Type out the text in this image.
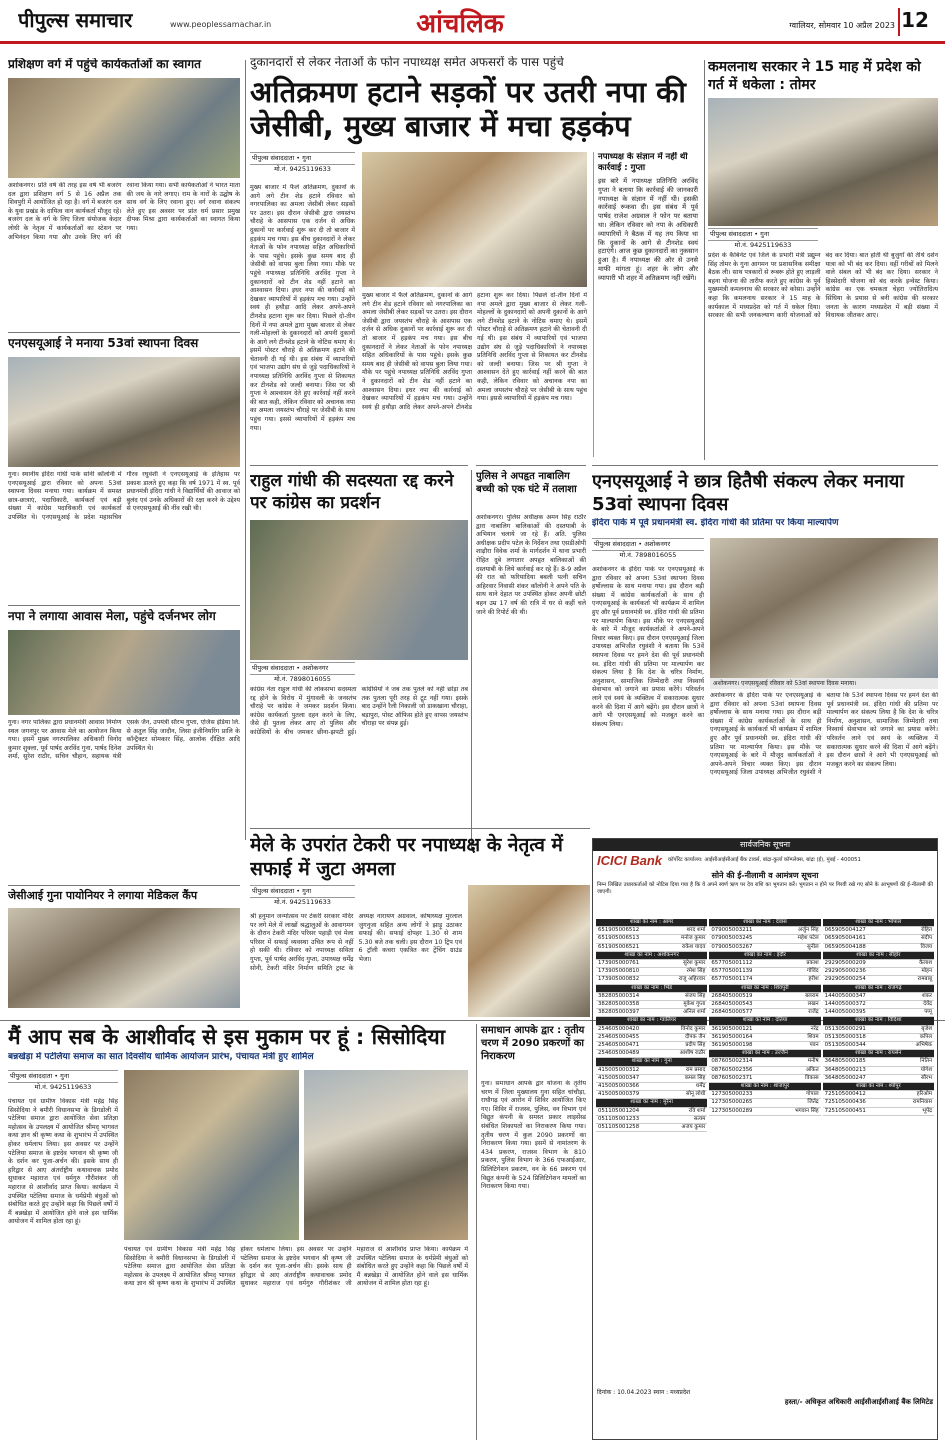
पीपुल्स समाचार	www.peoplessamachar.in	आंचलिक	ग्वालियर, सोमवार 10 अप्रैल 2023 12
प्रशिक्षण वर्ग में पहुंचे कार्यकर्ताओं का स्वागत
अशोकनगर। प्रति वर्ष की तरह इस वर्ष भी बजरंग दल द्वारा प्रशिक्षण वर्ग 5 से 16 अप्रैल तक शिवपुरी में आयोजित हो रहा है। वर्ग में बजरंग दल के युवा प्रखंड के दायित्व वान कार्यकर्ता मौजूद रहे। बजरंग दल के वर्ग के लिए जिला संयोजक केदार लोधी के नेतृत्व में कार्यकर्ताओं का स्टेशन पर अभिनंदन किया गया और उनके लिए वर्ग की रवाना किया गया। सभी कार्यकर्ताओं ने भारत माता की जय के नारे लगाए। राम के नारों के उद्घोष के साथ वर्ग के लिए रवाना हुए। वर्ग रवाना संकल्प लेते हुए इस अवसर पर प्रांत धर्म प्रसार प्रमुख दीपक मिश्रा द्वारा कार्यकर्ताओं का स्वागत किया गया।
एनएसयूआई ने मनाया 53वां स्थापना दिवस
गुना। स्थानीय इंदिरा गांधी पार्क सोनी कॉलोनी में एनएसयूआई द्वारा रविवार को अपना 53वां स्थापना दिवस मनाया गया। कार्यक्रम में समस्त छात्र-छात्राएं, पदाधिकारी, कार्यकर्ता एवं बड़ी संख्या में कांग्रेस पदाधिकारी एवं कार्यकर्ता उपस्थित थे। एनएसयूआई के प्रदेश महासचिव गौरव रघुवंशी ने एनएसयूआई के इतिहास पर प्रकाश डालते हुए कहा कि वर्ष 1971 में स्व. पूर्व प्रधानमंत्री इंदिरा गांधी ने विद्यार्थियों की आवाज को बुलंद एवं उनके अधिकारों की रक्षा करने के उद्देश्य से एनएसयूआई की नींव रखी थी।
नपा ने लगाया आवास मेला, पहुंचे दर्जनभर लोग
गुना। नगर पालिका द्वारा प्रधानमंत्री आवास निर्माण स्थल जगनपुर पर आवास मेले का आयोजन किया गया। इसमें मुख्य नगरपालिका अधिकारी विनोद कुमार शुक्ला, पूर्व पार्षद अरविंद गुना, पार्षद दिनेश शर्मा, सुरेश राठौर, सचिन चौहान, सहायक यंत्री एसके जैन, उपयंत्री सौरभ गुप्ता, एजिस इंडिया लि. से अतुल सिंह जादौन, लिसा इंजीनियरिंग प्रालि के कॉन्ट्रैक्टर सोमकार सिंह, आलोक दीक्षित आदि उपस्थित थे।
जेसीआई गुना पायोनियर ने लगाया मेडिकल कैंप
दुकानदारों से लेकर नेताओं के फोन नपाध्यक्ष समेत अफसरों के पास पहुंचे
अतिक्रमण हटाने सड़कों पर उतरी नपा की जेसीबी, मुख्य बाजार में मचा हड़कंप
पीपुल्स संवाददाता • गुना
मो.नं. 9425119633
मुख्य बाजार में फैले अतिक्रमण, दुकानों के आगे लगे टीन शेड हटाने रविवार को नगरपालिका का अमला जेसीबी लेकर सड़कों पर उतरा। इस दौरान जेसीबी द्वारा जयस्तंभ चौराहे के आसपास एक दर्जन से अधिक दुकानों पर कार्रवाई शुरू कर दी तो बाजार में हड़कंप मच गया। इस बीच दुकानदारों ने लेकर नेताओं के फोन नपाध्यक्ष सहित अधिकारियों के पास पहुंचे। इसके कुछ समय बाद ही जेसीबी को वापस बुला लिया गया। मौके पर पहुंचे नपाध्यक्ष प्रतिनिधि अरविंद गुप्ता ने दुकानदारों को टीन शेड नहीं हटाने का आश्वासन दिया। इधर नपा की कार्रवाई को देखकर व्यापारियों में हड़कंप मच गया। उन्होंने स्वयं ही हथौड़ा आदि लेकर अपने-अपने टीनशेड हटाना शुरू कर दिया। पिछले दो-तीन दिनों में नपा अमले द्वारा मुख्य बाजार से लेकर गली-मोहल्लों के दुकानदारों को अपनी दुकानों के आगे लगे टीनशेड हटाने के नोटिस थमाए थे। इसमें पोस्टर चौराहे से अतिक्रमण हटाने की चेतावनी दी गई थी। इस संबंध में व्यापारियों एवं भाजपा उद्योग संघ से जुड़े पदाधिकारियों ने नपाध्यक्ष प्रतिनिधि अरविंद गुप्ता से शिकायत कर टीनशेड को जल्दी बनाया। जिस पर श्री गुप्ता ने आश्वासन देते हुए कार्रवाई नहीं करने की बात कही, लेकिन रविवार को अचानक नपा का अमला जयस्तंभ चौराहे पर जेसीबी के साथ पहुंच गया। इससे व्यापारियों में हड़कंप मच गया।
मुख्य बाजार में फैले अतिक्रमण, दुकानों के आगे लगे टीन शेड हटाने रविवार को नगरपालिका का अमला जेसीबी लेकर सड़कों पर उतरा। इस दौरान जेसीबी द्वारा जयस्तंभ चौराहे के आसपास एक दर्जन से अधिक दुकानों पर कार्रवाई शुरू कर दी तो बाजार में हड़कंप मच गया। इस बीच दुकानदारों ने लेकर नेताओं के फोन नपाध्यक्ष सहित अधिकारियों के पास पहुंचे। इसके कुछ समय बाद ही जेसीबी को वापस बुला लिया गया। मौके पर पहुंचे नपाध्यक्ष प्रतिनिधि अरविंद गुप्ता ने दुकानदारों को टीन शेड नहीं हटाने का आश्वासन दिया। इधर नपा की कार्रवाई को देखकर व्यापारियों में हड़कंप मच गया। उन्होंने स्वयं ही हथौड़ा आदि लेकर अपने-अपने टीनशेड हटाना शुरू कर दिया। पिछले दो-तीन दिनों में नपा अमले द्वारा मुख्य बाजार से लेकर गली-मोहल्लों के दुकानदारों को अपनी दुकानों के आगे लगे टीनशेड हटाने के नोटिस थमाए थे। इसमें पोस्टर चौराहे से अतिक्रमण हटाने की चेतावनी दी गई थी। इस संबंध में व्यापारियों एवं भाजपा उद्योग संघ से जुड़े पदाधिकारियों ने नपाध्यक्ष प्रतिनिधि अरविंद गुप्ता से शिकायत कर टीनशेड को जल्दी बनाया। जिस पर श्री गुप्ता ने आश्वासन देते हुए कार्रवाई नहीं करने की बात कही, लेकिन रविवार को अचानक नपा का अमला जयस्तंभ चौराहे पर जेसीबी के साथ पहुंच गया। इससे व्यापारियों में हड़कंप मच गया।
नपाध्यक्ष के संज्ञान में नहीं थी कार्रवाई : गुप्ता
इस बारे में नपाध्यक्ष प्रतिनिधि अरविंद गुप्ता ने बताया कि कार्रवाई की जानकारी नपाध्यक्ष के संज्ञान में नहीं थी। इसकी कार्रवाई रूकवा दी। इस संबंध में पूर्व पार्षद राजेश अग्रवाल ने फोन पर बताया था। लेकिन रविवार को नपा के अधिकारी व्यापारियों ने बैठक में यह तय किया था कि दुकानों के आगे से टीनशेड स्वयं हटाएंगे। आज कुछ दुकानदारों का नुकसान हुआ है। मैं नपाध्यक्ष की ओर से उनसे माफी मांगता हूं। शहर के लोग और व्यापारी भी शहर में अतिक्रमण नहीं रखेंगे।
कमलनाथ सरकार ने 15 माह में प्रदेश को गर्त में धकेला : तोमर
पीपुल्स संवाददाता • गुना
मो.नं. 9425119633
प्रदेश के कैबिनेट एवं जिले के प्रभारी मंत्री प्रद्युम्न सिंह तोमर के गुना आगमन पर प्रशासनिक समीक्षा बैठक ली। साथ पत्रकारों से रूबरू होते हुए लाड़ली बहना योजना की तारीफ करते हुए कांग्रेस के पूर्व मुख्यमंत्री कमलनाथ की सरकार को कोसा। उन्होंने कहा कि कमलनाथ सरकार ने 15 माह के कार्यकाल में मध्यप्रदेश को गर्त में धकेल दिया। सरकार की सभी जनकल्याण कारी योजनाओं को बंद कर दिया। बात होती थी बुजुर्गों की तीर्थ दर्शन यात्रा को भी बंद कर दिया। वहीं गरीबों को मिलने वाले संबल को भी बंद कर दिया। सरकार ने हिस्सेदारी योजना को बंद करके इन्वेस्ट किया। कांग्रेस का एक चमकता चेहरा ज्योतिरादित्य सिंधिया के प्रयास से बनी कांग्रेस की सरकार जनता के कारण मध्यप्रदेश में बड़ी संख्या में विधायक जीतकर आए।
राहुल गांधी की सदस्यता रद्द करने पर कांग्रेस का प्रदर्शन
पीपुल्स संवाददाता • अशोकनगर
मो.नं. 7898016055
कांग्रेस नेता राहुल गांधी की लोकसभा सदस्यता रद्द होने के विरोध में मुंगावली के जनस्तंभ चौराहे पर कांग्रेस ने जमकर प्रदर्शन किया। कांग्रेस कार्यकर्ता पुतला दहन करने के लिए, जैसे ही पुतला लेकर आए तो पुलिस और कांग्रेसियों के बीच जमकर छीना-झपटी हुई। कांग्रेसियों ने जब तक पुतले को नहीं छोड़ा तब तक पुतला पूरी तरह से टूट नहीं गया। इसके बाद उन्होंने रैली निकाली जो डाकखाना चौराहा, बड़ापुरा, पोस्ट ऑफिस होते हुए वापस जयस्तंभ चौराहा पर संपन्न हुई।
पुलिस ने अपहृत नाबालिग बच्ची को एक घंटे में तलाशा
अशोकनगर। पुलिस अधीक्षक अमन सिंह राठौर द्वारा नाबालिग बालिकाओं की दस्तयाबी के अभियान चलाये जा रहे हैं। अति. पुलिस अधीक्षक प्रदीप पटेल के निर्देशन तथा एसडीओपी शाढ़ौरा विवेक शर्मा के मार्गदर्शन में थाना प्रभारी रोहित दुबे लगातार अपहृत बालिकाओं की दस्तयाबी के लिये कार्रवाई कर रहे हैं। 8-9 अप्रैल की रात को फरियादिया बबली पत्नी सचिन अहिरवार निवासी शंकर कॉलोनी ने अपने पति के साथ थाने देहात पर उपस्थित होकर अपनी छोटी बहन उम्र 17 वर्ष की रात्रि में घर से कहीं चले जाने की रिपोर्ट की थी।
एनएसयूआई ने छात्र हितैषी संकल्प लेकर मनाया 53वां स्थापना दिवस
इंदिरा पार्क में पूर्व प्रधानमंत्री स्व. इंदिरा गांधी की प्रतिमा पर किया माल्यार्पण
पीपुल्स संवाददाता • अशोकनगर
मो.नं. 7898016055
अशोकनगर के इंदिरा पार्क पर एनएसयूआई के द्वारा रविवार को अपना 53वां स्थापना दिवस हर्षोल्लास के साथ मनाया गया। इस दौरान बड़ी संख्या में कांग्रेस कार्यकर्ताओं के साथ ही एनएसयूआई के कार्यकर्ता भी कार्यक्रम में शामिल हुए और पूर्व प्रधानमंत्री स्व. इंदिरा गांधी की प्रतिमा पर माल्यार्पण किया। इस मौके पर एनएसयूआई के बारे में मौजूद कार्यकर्ताओं ने अपने-अपने विचार व्यक्त किए। इस दौरान एनएसयूआई जिला उपाध्यक्ष अभिजीत रघुवंशी ने बताया कि 53वें स्थापना दिवस पर हमने देश की पूर्व प्रधानमंत्री स्व. इंदिरा गांधी की प्रतिमा पर माल्यार्पण कर संकल्प लिया है कि देश के चरित्र निर्माण, अनुशासन, सामाजिक जिम्मेदारी तथा निस्वार्थ सेवाभाव को जगाने का प्रयास करेंगे। परिवर्तन लाने एवं स्वयं के व्यक्तित्व में सकारात्मक सुधार करने की दिशा में आगे बढ़ेंगे। इस दौरान छात्रों ने आगे भी एनएसयूआई को मजबूत करने का संकल्प लिया।
अशोकनगर। एनएसयूआई रविवार को 53वां स्थापना दिवस मनाया।
अशोकनगर के इंदिरा पार्क पर एनएसयूआई के द्वारा रविवार को अपना 53वां स्थापना दिवस हर्षोल्लास के साथ मनाया गया। इस दौरान बड़ी संख्या में कांग्रेस कार्यकर्ताओं के साथ ही एनएसयूआई के कार्यकर्ता भी कार्यक्रम में शामिल हुए और पूर्व प्रधानमंत्री स्व. इंदिरा गांधी की प्रतिमा पर माल्यार्पण किया। इस मौके पर एनएसयूआई के बारे में मौजूद कार्यकर्ताओं ने अपने-अपने विचार व्यक्त किए। इस दौरान एनएसयूआई जिला उपाध्यक्ष अभिजीत रघुवंशी ने बताया कि 53वें स्थापना दिवस पर हमने देश की पूर्व प्रधानमंत्री स्व. इंदिरा गांधी की प्रतिमा पर माल्यार्पण कर संकल्प लिया है कि देश के चरित्र निर्माण, अनुशासन, सामाजिक जिम्मेदारी तथा निस्वार्थ सेवाभाव को जगाने का प्रयास करेंगे। परिवर्तन लाने एवं स्वयं के व्यक्तित्व में सकारात्मक सुधार करने की दिशा में आगे बढ़ेंगे। इस दौरान छात्रों ने आगे भी एनएसयूआई को मजबूत करने का संकल्प लिया।
मेले के उपरांत टेकरी पर नपाध्यक्ष के नेतृत्व में सफाई में जुटा अमला
पीपुल्स संवाददाता • गुना
मो.नं. 9425119633
श्री हनुमान जन्मोत्सव पर टेकरी सरकार मंदिर पर लगे मेले में लाखों श्रद्धालुओं के आवागमन के दौरान टेकरी मंदिर परिसर पहाड़ी एवं मेला परिसर में सफाई व्यवस्था उचित रूप से नहीं हो सकी थी। रविवार को नपाध्यक्ष सविता गुप्ता, पूर्व पार्षद अरविंद गुप्ता, उपाध्यक्ष धर्मेंद्र सोनी, टेकरी मंदिर निर्माण समिति ट्रस्ट के अध्यक्ष नारायण अग्रवाल, कोषाध्यक्ष मुरलाल जुगनुजा सहित अन्य लोगों ने झाड़ू उठाकर सफाई की। सफाई दोपहर 1.30 से शाम 5.30 बजे तक चली। इस दौरान 10 ट्रिप एवं 6 ट्रॉली कचरा एकत्रित कर ट्रेंचिंग ग्राउंड भेजा।
सार्वजनिक सूचना
ICICI Bank कॉर्पोरेट कार्यालय: आईसीआईसीआई बैंक टावर्स, बांद्रा-कुर्ला कॉम्प्लेक्स, बांद्रा (ई), मुंबई - 400051
सोने की ई-नीलामी व आमंत्रण सूचना
निम्न लिखित उधारकर्ताओं को नोटिस दिया गया है कि वे अपने स्वर्ण ऋण पर देय राशि का भुगतान करें। भुगतान न होने पर गिरवी रखे गए सोने के आभूषणों की ई-नीलामी की जाएगी।
शाखा का नाम : आगर
651905006512	शरद शर्मा
651905006513	मनोज कुमार
651905006521	राकेश यादव
शाखा का नाम : अशोकनगर
173905000761	सुरेश कुमार
173905000810	रमेश सिंह
173905000832	राजू अहिरवार
शाखा का नाम : भिंड
382805000314	संजय सिंह
382805000358	मुकेश गुप्ता
382805000397	अनिल शर्मा
शाखा का नाम : ग्वालियर
254605000420	विनोद कुमार
254605000455	दीपक जैन
254605000471	प्रदीप सिंह
254605000489	आशीष राठौर
शाखा का नाम : गुना
415005000312	राम प्रसाद
415005000347	कमल सिंह
415005000366	धर्मेंद्र
415005000379	सोनू लोधी
शाखा का नाम : मुरैना
051105001204	रवि शर्मा
051105001233	सत्यम
051105001258	अजय कुमार
शाखा का नाम : देवास
079005003211	अर्जुन सिंह
079005003245	महेश पटेल
079005003267	सुनील
शाखा का नाम : इंदौर
657705001112	प्रकाश
657705001139	गोविंद
657705001174	हरीश
शाखा का नाम : शिवपुरी
268405000519	बलराम
268405000543	लखन
268405000577	राजेंद्र
शाखा का नाम : दतिया
361905000121	नरेंद्र
361905000164	शिवम
361905000198	पवन
शाखा का नाम : उज्जैन
087605002314	मनीष
087605002356	अंकित
087605002371	विकास
शाखा का नाम : शाजापुर
127305000233	गोपाल
127305000265	जितेंद्र
127305000289	भगवान सिंह
शाखा का नाम : भोपाल
065905004127	रोहित
065905004161	संदीप
065905004188	विजय
शाखा का नाम : सीहोर
292905000209	कैलाश
292905000236	मोहन
292905000254	रामबाबू
शाखा का नाम : राजगढ़
144005000347	शंकर
144005000372	देवेंद्र
144005000395	पप्पू
शाखा का नाम : विदिशा
051305000291	बृजेश
051305000318	कपिल
051305000344	अभिषेक
शाखा का नाम : रायसेन
364805000185	नितिन
364805000213	योगेश
364805000247	सौरभ
शाखा का नाम : श्योपुर
725105000412	हरिओम
725105000436	रामनिवास
725105000451	भूपेंद्र
दिनांक : 10.04.2023 स्थान : मध्यप्रदेश
हस्ता/- अधिकृत अधिकारी आईसीआईसीआई बैंक लिमिटेड
मैं आप सब के आशीर्वाद से इस मुकाम पर हूं : सिसोदिया
बन्नखेड़ा में पटेलिया समाज का सात दिवसीय धार्मिक आयोजन प्रारंभ, पंचायत मंत्री हुए शामिल
पीपुल्स संवाददाता • गुना
मो.नं. 9425119633
पंचायत एवं ग्रामीण विकास मंत्री महेंद्र सिंह सिसोदिया ने बमौरी विधानसभा के डिगडोली में पटेलिया समाज द्वारा आयोजित सेवा प्रतिज्ञा महोत्सव के उपलक्ष्य में आयोजित श्रीमद् भागवत कथा ज्ञान श्री कृष्ण कथा के शुभारंभ में उपस्थित होकर धर्मलाभ लिया। इस अवसर पर उन्होंने पटेलिया समाज के इष्टदेव भगवान श्री कृष्ण जी के दर्शन कर पूजा-अर्चन की। इसके साथ ही हरिद्वार से आए अंतर्राष्ट्रीय कथावाचक प्रमोद सुधाकर महाराज एवं धर्मगुरु गौरीशंकर जी महाराज से आशीर्वाद प्राप्त किया। कार्यक्रम में उपस्थित पटेलिया समाज के धर्मप्रेमी बंधुओं को संबोधित करते हुए उन्होंने कहा कि पिछले वर्षों में मैं बन्नखेड़ा में आयोजित होने वाले इस धार्मिक आयोजन में शामिल होता रहा हूं।
पंचायत एवं ग्रामीण विकास मंत्री महेंद्र सिंह सिसोदिया ने बमौरी विधानसभा के डिगडोली में पटेलिया समाज द्वारा आयोजित सेवा प्रतिज्ञा महोत्सव के उपलक्ष्य में आयोजित श्रीमद् भागवत कथा ज्ञान श्री कृष्ण कथा के शुभारंभ में उपस्थित होकर धर्मलाभ लिया। इस अवसर पर उन्होंने पटेलिया समाज के इष्टदेव भगवान श्री कृष्ण जी के दर्शन कर पूजा-अर्चन की। इसके साथ ही हरिद्वार से आए अंतर्राष्ट्रीय कथावाचक प्रमोद सुधाकर महाराज एवं धर्मगुरु गौरीशंकर जी महाराज से आशीर्वाद प्राप्त किया। कार्यक्रम में उपस्थित पटेलिया समाज के धर्मप्रेमी बंधुओं को संबोधित करते हुए उन्होंने कहा कि पिछले वर्षों में मैं बन्नखेड़ा में आयोजित होने वाले इस धार्मिक आयोजन में शामिल होता रहा हूं।
समाधान आपके द्वार : तृतीय चरण में 2090 प्रकरणों का निराकरण
गुना। समाधान आपके द्वार योजना के तृतीय चरण में जिला मुख्यालय गुना सहित चांचौड़ा, राघौगढ़ एवं आरोन में शिविर आयोजित किए गए। शिविर में राजस्व, पुलिस, वन विभाग एवं विद्युत कंपनी के समस्त प्रकार लाइसेंस्ड संबंधित शिकायतों का निराकरण किया गया। तृतीय चरण में कुल 2090 प्रकरणों का निराकरण किया गया। इसमें से नामांतरण के 434 प्रकरण, राजस्व विभाग के 810 प्रकरण, पुलिस विभाग के 366 एफआईआर, प्रिलिटिगेशन प्रकरण, वन के 66 प्रकरण एवं विद्युत कंपनी के 524 प्रिलिटिगेशन मामलों का निराकरण किया गया।
